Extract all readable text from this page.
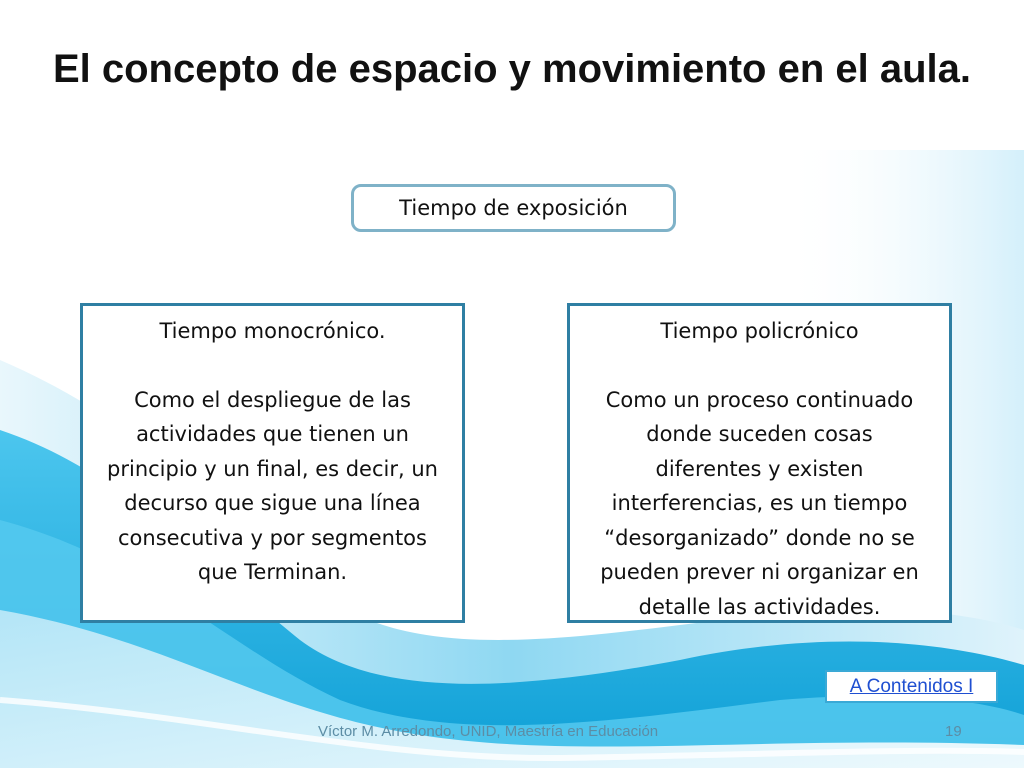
El concepto de espacio y movimiento en el aula.
Tiempo de exposición
Tiempo monocrónico.
Como el despliegue de las actividades que tienen un principio y un final, es decir, un decurso que sigue una línea consecutiva y por segmentos que Terminan.
Tiempo policrónico
Como un proceso continuado donde suceden cosas diferentes y existen interferencias, es un tiempo “desorganizado” donde no se pueden prever ni organizar en detalle las actividades.
A Contenidos I
Víctor M. Arredondo, UNID, Maestría en Educación	19
